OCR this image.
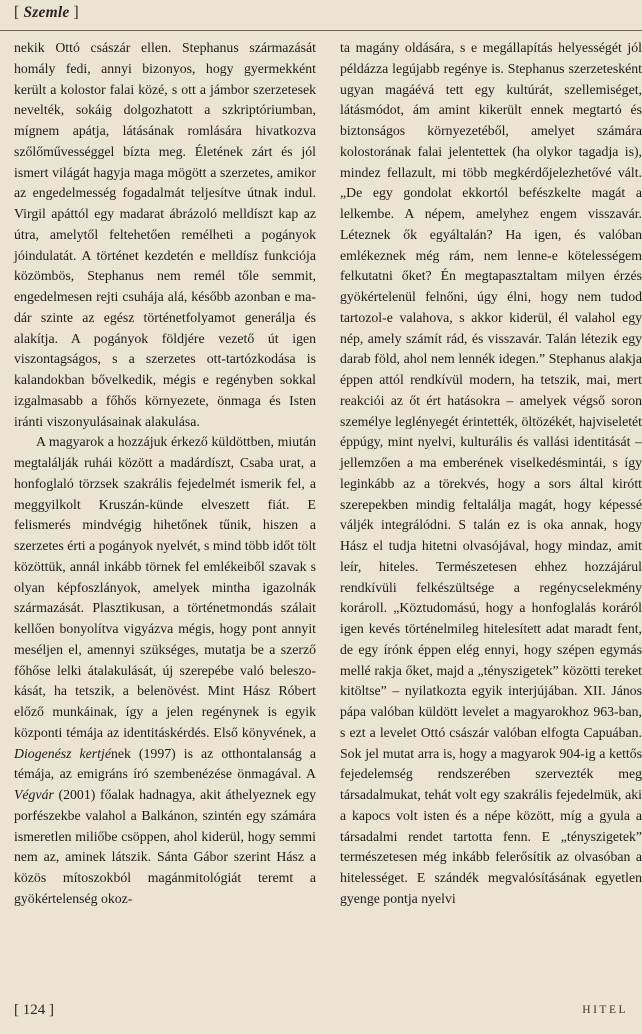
[ Szemle ]

nekik Ottó császár ellen. Stephanus származását homály fedi, annyi bizonyos, hogy gyermekként került a kolostor falai közé, s ott a jámbor szerzetesek nevelték, sokáig dolgozhatott a szkriptóriumban, mígnem apátja, látásának romlására hivatkozva szőlőművességgel bízta meg. Életének zárt és jól ismert világát hagyja maga mögött a szerzetes, amikor az engedelmesség fogadalmát teljesítve útnak indul. Virgil apáttól egy madarat ábrázoló melldíszt kap az útra, amelytől feltehetően remélheti a pogányok jóindulatát. A történet kezdetén e melldísz funkciója közömbös, Stephanus nem remél tőle semmit, engedelmesen rejti csuhája alá, később azonban e madár szinte az egész történetfolyamot generálja és alakítja. A pogányok földjére vezető út igen viszontagságos, s a szerzetes ott-tartózkodása is kalandokban bővelkedik, mégis e regényben sokkal izgalmasabb a főhős környezete, önmaga és Isten iránti viszonyulásainak alakulása.

A magyarok a hozzájuk érkező küldöttben, miután megtalálják ruhái között a madárdíszt, Csaba urat, a honfoglaló törzsek szakrális fejedelmét ismerik fel, a meggyilkolt Kruszán-künde elveszett fiát. E felismerés mindvégig hihetőnek tűnik, hiszen a szerzetes érti a pogányok nyelvét, s mind több időt tölt közöttük, annál inkább törnek fel emlékeiből szavak s olyan képfoszlányok, amelyek mintha igazolnák származását. Plasztikusan, a történetmondás szálait kellően bonyolítva vigyázva mégis, hogy pont annyit meséljen el, amennyi szükséges, mutatja be a szerző főhőse lelki átalakulását, új szerepébe való beleszokását, ha tetszik, a belenövést. Mint Hász Róbert előző munkáinak, így a jelen regénynek is egyik központi témája az identitáskérdés. Első könyvének, a Diogenész kertjének (1997) is az otthontalanság a témája, az emigráns író szembenézése önmagával. A Végvár (2001) főalak hadnagya, akit áthelyeznek egy porfészekbe valahol a Balkánon, szintén egy számára ismeretlen miliőbe csöppen, ahol kiderül, hogy semmi nem az, aminek látszik. Sánta Gábor szerint Hász a közös mítoszokból magánmitológiát teremt a gyökértelenség okoz-

ta magány oldására, s e megállapítás helyességét jól példázza legújabb regénye is. Stephanus szerzetesként ugyan magáévá tett egy kultúrát, szellemiséget, látásmódot, ám amint kikerült ennek megtartó és biztonságos környezetéből, amelyet számára kolostorának falai jelentettek (ha olykor tagadja is), mindez fellazult, mi több megkérdőjelezhetővé vált. „De egy gondolat ekkortól befészkelte magát a lelkembe. A népem, amelyhez engem visszavár. Léteznek ők egyáltalán? Ha igen, és valóban emlékeznek még rám, nem lenne-e kötelességem felkutatni őket? Én megtapasztaltam milyen érzés gyökértelenül felnőni, úgy élni, hogy nem tudod tartozol-e valahova, s akkor kiderül, él valahol egy nép, amely számít rád, és visszavár. Talán létezik egy darab föld, ahol nem lennék idegen.” Stephanus alakja éppen attól rendkívül modern, ha tetszik, mai, mert reakciói az őt ért hatásokra – amelyek végső soron személye leglényegét érintették, öltözékét, hajviseletét éppúgy, mint nyelvi, kulturális és vallási identitását – jellemzően a ma emberének viselkedésmintái, s így leginkább az a törekvés, hogy a sors által kirótt szerepekben mindig feltalálja magát, hogy képessé váljék integrálódni. S talán ez is oka annak, hogy Hász el tudja hitetni olvasójával, hogy mindaz, amit leír, hiteles. Természetesen ehhez hozzájárul rendkívüli felkészültsége a regénycselekmény korároll. „Köztudomású, hogy a honfoglalás koráról igen kevés történelmileg hitelesített adat maradt fent, de egy írónk éppen elég ennyi, hogy szépen egymás mellé rakja őket, majd a „tényszigetek” közötti tereket kitöltse” – nyilatkozta egyik interjújában. XII. János pápa valóban küldött levelet a magyarokhoz 963-ban, s ezt a levelet Ottó császár valóban elfogta Capuában. Sok jel mutat arra is, hogy a magyarok 904-ig a kettős fejedelemség rendszerében szervezték meg társadalmukat, tehát volt egy szakrális fejedelmük, aki a kapocs volt isten és a népe között, míg a gyula a társadalmi rendet tartotta fenn. E „tényszigetek” természetesen még inkább felerősítik az olvasóban a hitelességet. E szándék megvalósításának egyetlen gyenge pontja nyelvi

[ 124 ]	HITEL
